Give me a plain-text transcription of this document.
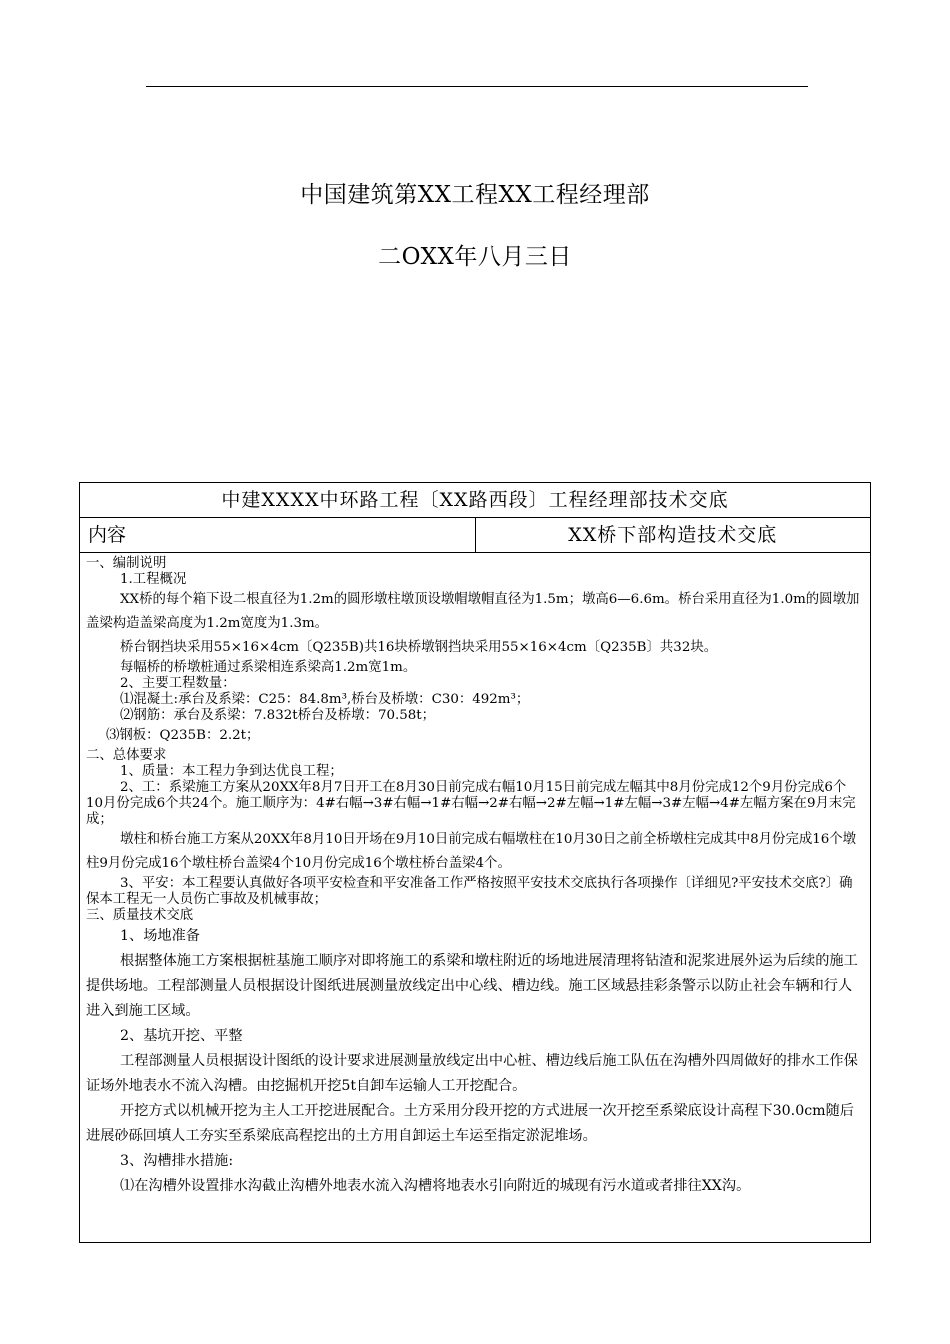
中国建筑第XX工程XX工程经理部
二OXX年八月三日
中建XXXX中环路工程〔XX路西段〕工程经理部技术交底
内容	XX桥下部构造技术交底

一、编制说明

1.工程概况

XX桥的每个箱下设二根直径为1.2m的圆形墩柱墩顶设墩帽墩帽直径为1.5m；墩高6—6.6m。桥台采用直径为1.0m的圆墩加盖梁构造盖梁高度为1.2m宽度为1.3m。

桥台钢挡块采用55×16×4cm〔Q235B)共16块桥墩钢挡块采用55×16×4cm〔Q235B〕共32块。

每幅桥的桥墩桩通过系梁相连系梁高1.2m宽1m。

2、主要工程数量：

⑴混凝土:承台及系梁：C25：84.8m³,桥台及桥墩：C30：492m³；

⑵钢筋：承台及系梁：7.832t桥台及桥墩：70.58t；

⑶钢板：Q235B：2.2t；

二、总体要求

1、质量：本工程力争到达优良工程；

2、工：系梁施工方案从20XX年8月7日开工在8月30日前完成右幅10月15日前完成左幅其中8月份完成12个9月份完成6个10月份完成6个共24个。施工顺序为：4#右幅→3#右幅→1#右幅→2#右幅→2#左幅→1#左幅→3#左幅→4#左幅方案在9月末完成；

墩柱和桥台施工方案从20XX年8月10日开场在9月10日前完成右幅墩柱在10月30日之前全桥墩柱完成其中8月份完成16个墩柱9月份完成16个墩柱桥台盖梁4个10月份完成16个墩柱桥台盖梁4个。

3、平安：本工程要认真做好各项平安检查和平安准备工作严格按照平安技术交底执行各项操作〔详细见?平安技术交底?〕确保本工程无一人员伤亡事故及机械事故；

三、质量技术交底

1、场地准备

根据整体施工方案根据桩基施工顺序对即将施工的系梁和墩柱附近的场地进展清理将钻渣和泥浆进展外运为后续的施工提供场地。工程部测量人员根据设计图纸进展测量放线定出中心线、槽边线。施工区域悬挂彩条警示以防止社会车辆和行人进入到施工区域。

2、基坑开挖、平整

工程部测量人员根据设计图纸的设计要求进展测量放线定出中心桩、槽边线后施工队伍在沟槽外四周做好的排水工作保证场外地表水不流入沟槽。由挖掘机开挖5t自卸车运输人工开挖配合。

开挖方式以机械开挖为主人工开挖进展配合。土方采用分段开挖的方式进展一次开挖至系梁底设计高程下30.0cm随后进展砂砾回填人工夯实至系梁底高程挖出的土方用自卸运土车运至指定淤泥堆场。

3、沟槽排水措施:

⑴在沟槽外设置排水沟截止沟槽外地表水流入沟槽将地表水引向附近的城现有污水道或者排往XX沟。
